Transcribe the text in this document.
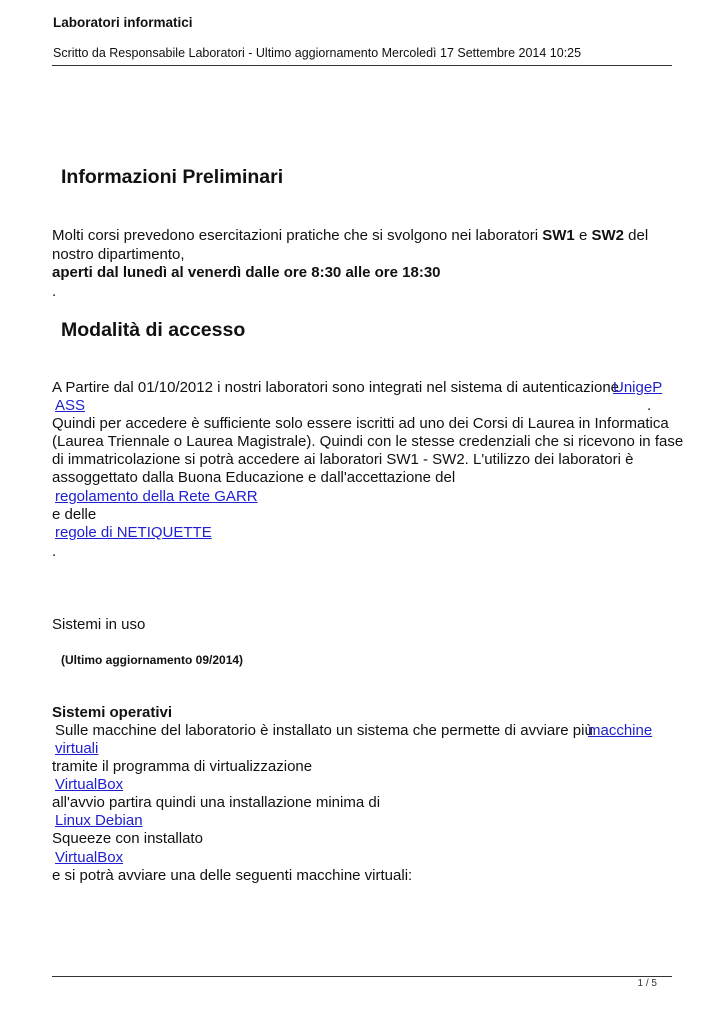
Laboratori informatici
Scritto da Responsabile Laboratori - Ultimo aggiornamento Mercoledì 17 Settembre 2014 10:25
Informazioni Preliminari
Molti corsi prevedono esercitazioni pratiche che si svolgono nei laboratori SW1 e SW2 del
nostro dipartimento,
aperti dal lunedì al venerdì dalle ore 8:30 alle ore 18:30
.
Modalità di accesso
A Partire dal 01/10/2012 i nostri laboratori sono integrati nel sistema di autenticazione
UnigeP
ASS	.
Quindi per accedere è sufficiente solo essere iscritti ad uno dei Corsi di Laurea in Informatica
(Laurea Triennale o Laurea Magistrale). Quindi con le stesse credenziali che si ricevono in fase
di immatricolazione si potrà accedere ai laboratori SW1 - SW2. L'utilizzo dei laboratori è
assoggettato dalla Buona Educazione e dall'accettazione del
regolamento della Rete GARR
e delle
regole di NETIQUETTE
.
Sistemi in uso
(Ultimo aggiornamento 09/2014)
Sistemi operativi
Sulle macchine del laboratorio è installato un sistema che permette di avviare più
macchine
virtuali
tramite il programma di virtualizzazione
VirtualBox
all'avvio partira quindi una installazione minima di
Linux Debian
Squeeze con installato
VirtualBox
e si potrà avviare una delle seguenti macchine virtuali:
1 / 5
